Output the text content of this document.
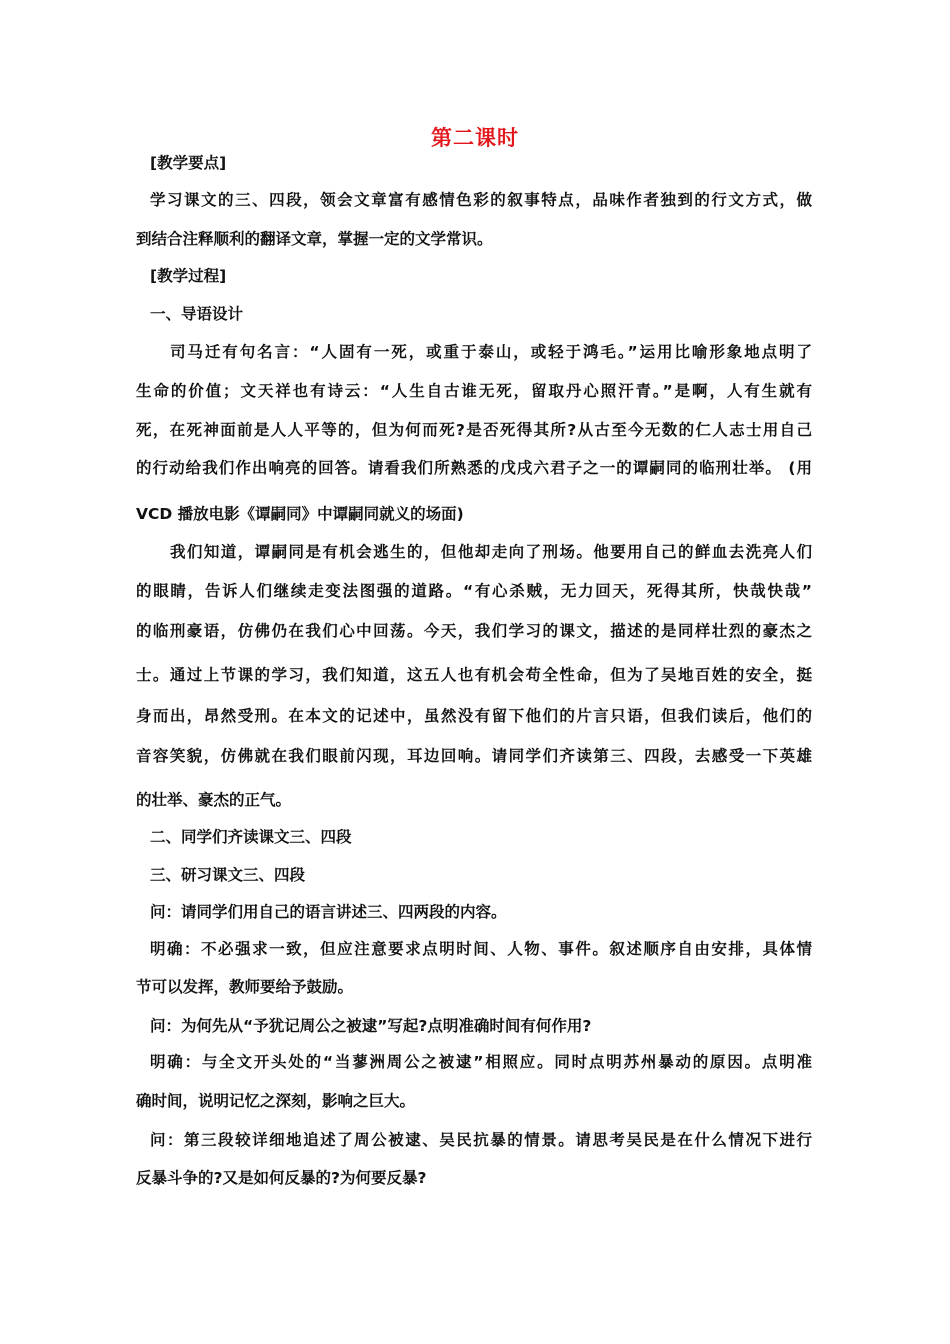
第二课时
[教学要点]
学习课文的三、四段，领会文章富有感情色彩的叙事特点，品味作者独到的行文方式，做
到结合注释顺利的翻译文章，掌握一定的文学常识。
[教学过程]
一、导语设计
司马迁有句名言：“人固有一死，或重于泰山，或轻于鸿毛。”运用比喻形象地点明了
生命的价值；文天祥也有诗云：“人生自古谁无死，留取丹心照汗青。”是啊，人有生就有
死，在死神面前是人人平等的，但为何而死?是否死得其所?从古至今无数的仁人志士用自己
的行动给我们作出响亮的回答。请看我们所熟悉的戊戌六君子之一的谭嗣同的临刑壮举。 (用
VCD 播放电影《谭嗣同》中谭嗣同就义的场面)
我们知道，谭嗣同是有机会逃生的，但他却走向了刑场。他要用自己的鲜血去洗亮人们
的眼睛，告诉人们继续走变法图强的道路。“有心杀贼，无力回天，死得其所，快哉快哉”
的临刑豪语，仿佛仍在我们心中回荡。今天，我们学习的课文，描述的是同样壮烈的豪杰之
士。通过上节课的学习，我们知道，这五人也有机会苟全性命，但为了吴地百姓的安全，挺
身而出，昂然受刑。在本文的记述中，虽然没有留下他们的片言只语，但我们读后，他们的
音容笑貌，仿佛就在我们眼前闪现，耳边回响。请同学们齐读第三、四段，去感受一下英雄
的壮举、豪杰的正气。
二、同学们齐读课文三、四段
三、研习课文三、四段
问：请同学们用自己的语言讲述三、四两段的内容。
明确：不必强求一致，但应注意要求点明时间、人物、事件。叙述顺序自由安排，具体情
节可以发挥，教师要给予鼓励。
问：为何先从“予犹记周公之被逮”写起?点明准确时间有何作用?
明确：与全文开头处的“当蓼洲周公之被逮”相照应。同时点明苏州暴动的原因。点明准
确时间，说明记忆之深刻，影响之巨大。
问：第三段较详细地追述了周公被逮、吴民抗暴的情景。请思考吴民是在什么情况下进行
反暴斗争的?又是如何反暴的?为何要反暴?
